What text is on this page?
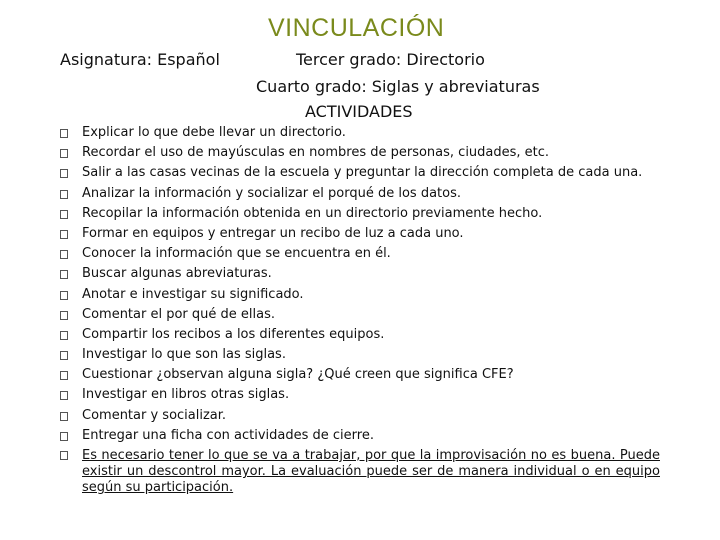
VINCULACIÓN
Asignatura: Español	Tercer grado: Directorio
Cuarto grado: Siglas y abreviaturas
ACTIVIDADES
Explicar lo que debe llevar un directorio.
Recordar el uso de mayúsculas en nombres de personas, ciudades, etc.
Salir a las casas vecinas de la escuela y preguntar la dirección completa de cada una.
Analizar la información y socializar el porqué de los datos.
Recopilar la información obtenida en un directorio previamente hecho.
Formar en equipos y entregar un recibo de luz a cada uno.
Conocer la información que se encuentra en él.
Buscar algunas abreviaturas.
Anotar e investigar su significado.
Comentar el por qué de ellas.
Compartir los recibos a los diferentes equipos.
Investigar lo que son las siglas.
Cuestionar ¿observan alguna sigla? ¿Qué creen que significa CFE?
Investigar en libros otras siglas.
Comentar y socializar.
Entregar una ficha con actividades de cierre.
Es necesario tener lo que se va a trabajar, por que la improvisación no es buena. Puede existir un descontrol mayor. La evaluación puede ser de manera individual o en equipo según su participación.
